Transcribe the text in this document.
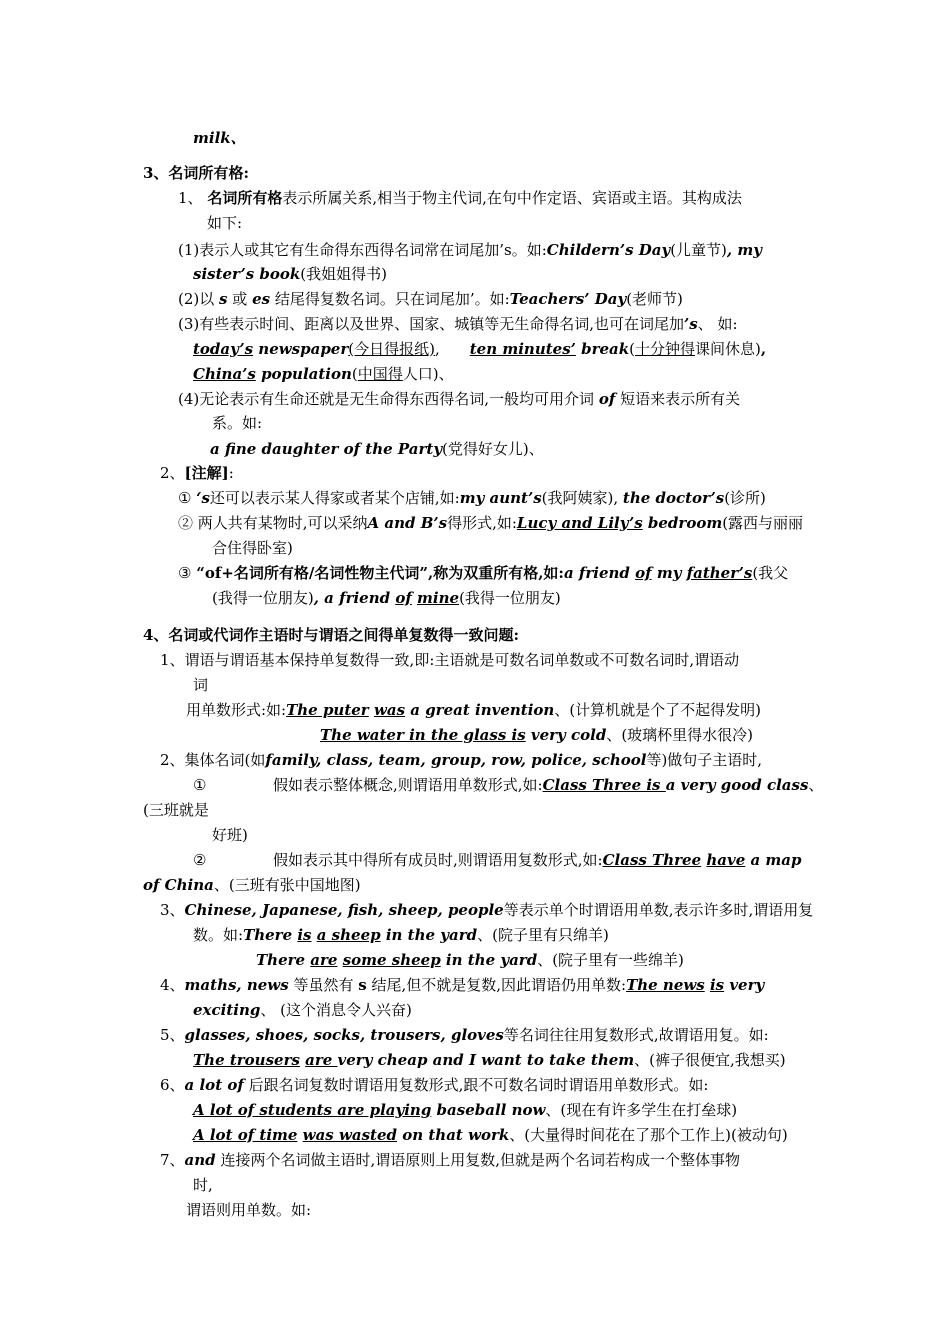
milk、
3、名词所有格:
1、 名词所有格表示所属关系,相当于物主代词,在句中作定语、宾语或主语。其构成法
如下:
(1)表示人或其它有生命得东西得名词常在词尾加’s。如:Childern’s Day(儿童节), my
sister’s book(我姐姐得书)
(2)以 s 或 es 结尾得复数名词。只在词尾加’。如:Teachers’ Day(老师节)
(3)有些表示时间、距离以及世界、国家、城镇等无生命得名词,也可在词尾加’s、 如:
today’s newspaper(今日得报纸), ten minutes’ break(十分钟得课间休息),
China’s population(中国得人口)、
(4)无论表示有生命还就是无生命得东西得名词,一般均可用介词 of 短语来表示所有关
系。如:
a fine daughter of the Party(党得好女儿)、
2、[注解]:
① ‘s还可以表示某人得家或者某个店铺,如:my aunt’s(我阿姨家), the doctor’s(诊所)
② 两人共有某物时,可以采纳A and B’s得形式,如:Lucy and Lily’s bedroom(露西与丽丽
合住得卧室)
③ “of+名词所有格/名词性物主代词”,称为双重所有格,如:a friend of my father’s(我父
(我得一位朋友), a friend of mine(我得一位朋友)
4、名词或代词作主语时与谓语之间得单复数得一致问题:
1、谓语与谓语基本保持单复数得一致,即:主语就是可数名词单数或不可数名词时,谓语动
词
用单数形式:如:The puter was a great invention、(计算机就是个了不起得发明)
The water in the glass is very cold、(玻璃杯里得水很冷)
2、集体名词(如family, class, team, group, row, police, school等)做句子主语时,
①	假如表示整体概念,则谓语用单数形式,如:Class Three is a very good class、
(三班就是
好班)
②	假如表示其中得所有成员时,则谓语用复数形式,如:Class Three have a map
of China、(三班有张中国地图)
3、Chinese, Japanese, fish, sheep, people等表示单个时谓语用单数,表示许多时,谓语用复
数。如:There is a sheep in the yard、(院子里有只绵羊)
There are some sheep in the yard、(院子里有一些绵羊)
4、maths, news 等虽然有 s 结尾,但不就是复数,因此谓语仍用单数:The news is very
exciting、 (这个消息令人兴奋)
5、glasses, shoes, socks, trousers, gloves等名词往往用复数形式,故谓语用复。如:
The trousers are very cheap and I want to take them、(裤子很便宜,我想买)
6、a lot of 后跟名词复数时谓语用复数形式,跟不可数名词时谓语用单数形式。如:
A lot of students are playing baseball now、(现在有许多学生在打垒球)
A lot of time was wasted on that work、(大量得时间花在了那个工作上)(被动句)
7、and 连接两个名词做主语时,谓语原则上用复数,但就是两个名词若构成一个整体事物
时,
谓语则用单数。如:
